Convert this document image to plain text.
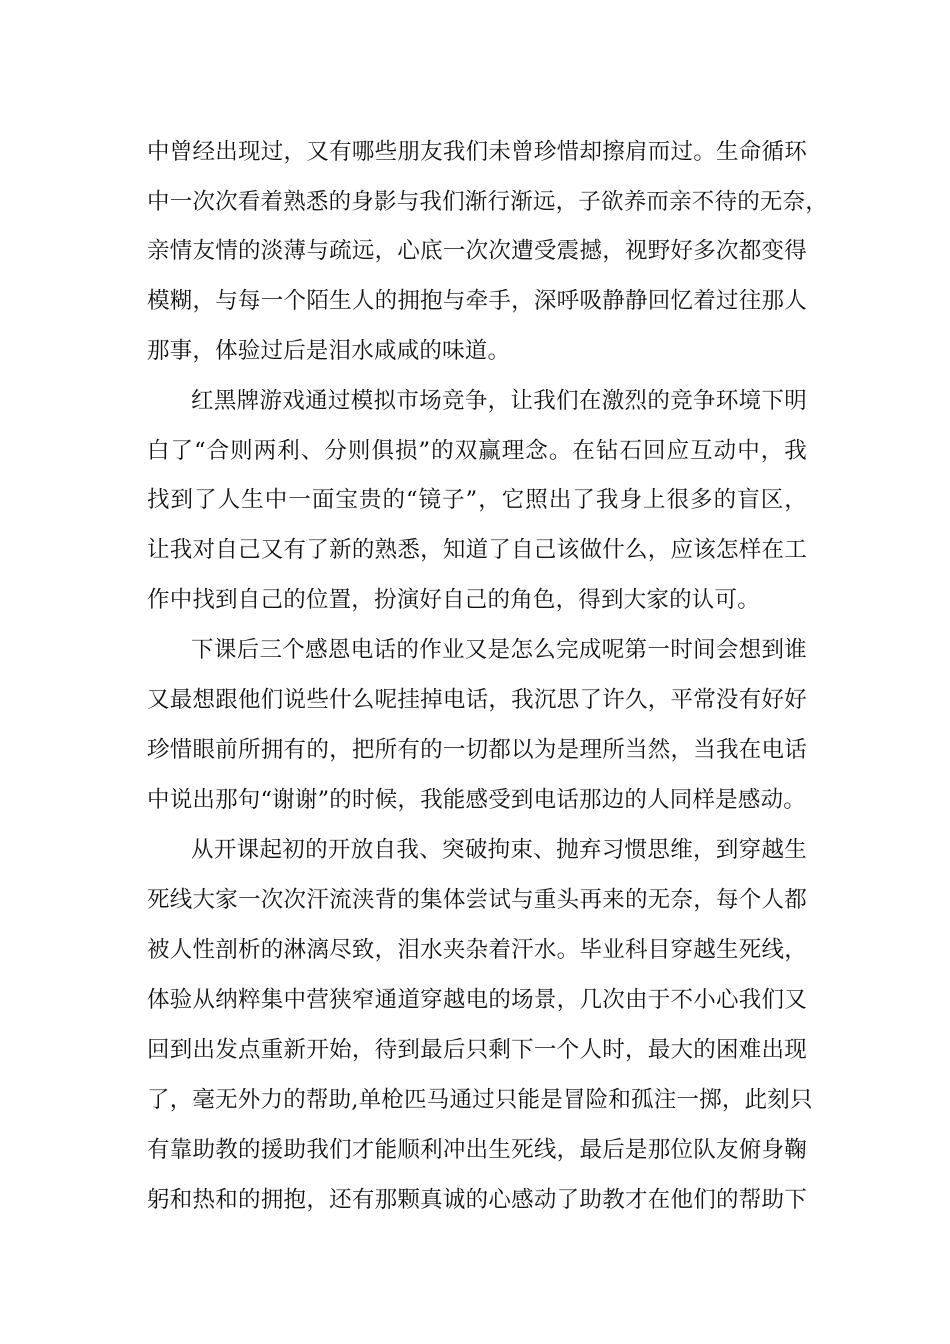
中曾经出现过，又有哪些朋友我们未曾珍惜却擦肩而过。生命循环
中一次次看着熟悉的身影与我们渐行渐远，子欲养而亲不待的无奈，
亲情友情的淡薄与疏远，心底一次次遭受震撼，视野好多次都变得
模糊，与每一个陌生人的拥抱与牵手，深呼吸静静回忆着过往那人
那事，体验过后是泪水咸咸的味道。
红黑牌游戏通过模拟市场竞争，让我们在激烈的竞争环境下明
白了“合则两利、分则俱损”的双赢理念。在钻石回应互动中，我
找到了人生中一面宝贵的“镜子”，它照出了我身上很多的盲区，
让我对自己又有了新的熟悉，知道了自己该做什么，应该怎样在工
作中找到自己的位置，扮演好自己的角色，得到大家的认可。
下课后三个感恩电话的作业又是怎么完成呢第一时间会想到谁
又最想跟他们说些什么呢挂掉电话，我沉思了许久，平常没有好好
珍惜眼前所拥有的，把所有的一切都以为是理所当然，当我在电话
中说出那句“谢谢”的时候，我能感受到电话那边的人同样是感动。
从开课起初的开放自我、突破拘束、抛弃习惯思维，到穿越生
死线大家一次次汗流浃背的集体尝试与重头再来的无奈，每个人都
被人性剖析的淋漓尽致，泪水夹杂着汗水。毕业科目穿越生死线，
体验从纳粹集中营狭窄通道穿越电的场景，几次由于不小心我们又
回到出发点重新开始，待到最后只剩下一个人时，最大的困难出现
了，毫无外力的帮助,单枪匹马通过只能是冒险和孤注一掷，此刻只
有靠助教的援助我们才能顺利冲出生死线，最后是那位队友俯身鞠
躬和热和的拥抱，还有那颗真诚的心感动了助教才在他们的帮助下
